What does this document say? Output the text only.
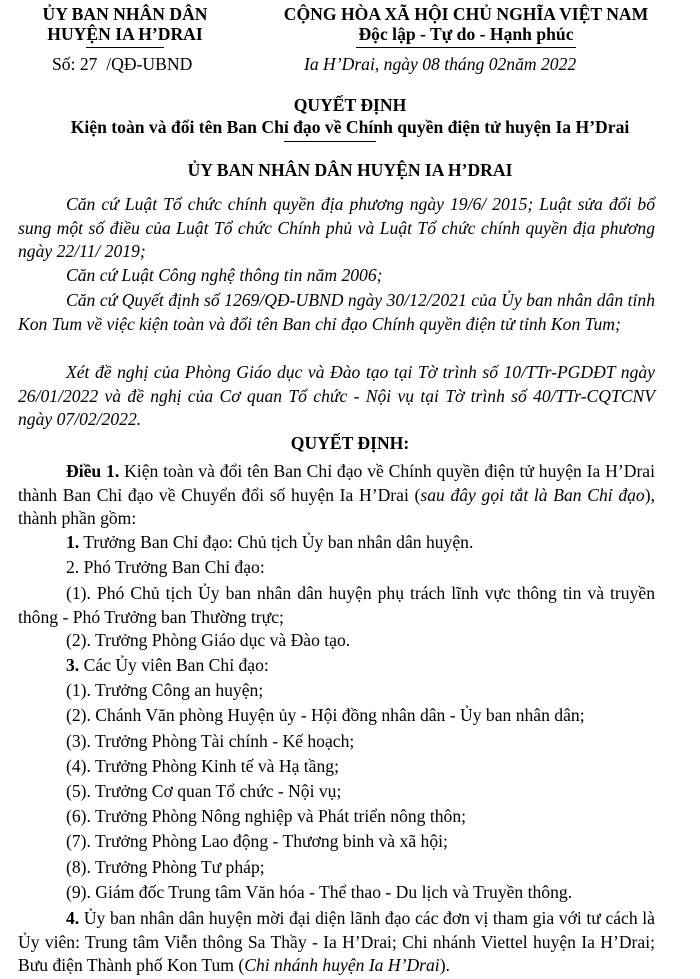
ỦY BAN NHÂN DÂN
HUYỆN IA H’DRAI
CỘNG HÒA XÃ HỘI CHỦ NGHĨA VIỆT NAM
Độc lập - Tự do - Hạnh phúc
Số: 27 /QĐ-UBND	Ia H’Drai, ngày 08 tháng 02năm 2022
QUYẾT ĐỊNH
Kiện toàn và đổi tên Ban Chỉ đạo về Chính quyền điện tử huyện Ia H’Drai
ỦY BAN NHÂN DÂN HUYỆN IA H’DRAI

Căn cứ Luật Tổ chức chính quyền địa phương ngày 19/6/ 2015; Luật sửa đổi bổ sung một số điều của Luật Tổ chức Chính phủ và Luật Tổ chức chính quyền địa phương ngày 22/11/ 2019;

Căn cứ Luật Công nghệ thông tin năm 2006;

Căn cứ Quyết định số 1269/QĐ-UBND ngày 30/12/2021 của Ủy ban nhân dân tỉnh Kon Tum về việc kiện toàn và đổi tên Ban chỉ đạo Chính quyền điện tử tỉnh Kon Tum;

Xét đề nghị của Phòng Giáo dục và Đào tạo tại Tờ trình số 10/TTr-PGDĐT ngày 26/01/2022 và đề nghị của Cơ quan Tổ chức - Nội vụ tại Tờ trình số 40/TTr-CQTCNV ngày 07/02/2022.

QUYẾT ĐỊNH:

Điều 1. Kiện toàn và đổi tên Ban Chỉ đạo về Chính quyền điện tử huyện Ia H’Drai thành Ban Chỉ đạo về Chuyển đổi số huyện Ia H’Drai (sau đây gọi tắt là Ban Chỉ đạo), thành phần gồm:

1. Trưởng Ban Chỉ đạo: Chủ tịch Ủy ban nhân dân huyện.
2. Phó Trưởng Ban Chỉ đạo:

(1). Phó Chủ tịch Ủy ban nhân dân huyện phụ trách lĩnh vực thông tin và truyền thông - Phó Trưởng ban Thường trực;

(2). Trưởng Phòng Giáo dục và Đào tạo.
3. Các Ủy viên Ban Chỉ đạo:
(1). Trưởng Công an huyện;
(2). Chánh Văn phòng Huyện ủy - Hội đồng nhân dân - Ủy ban nhân dân;
(3). Trưởng Phòng Tài chính - Kế hoạch;
(4). Trưởng Phòng Kinh tế và Hạ tầng;
(5). Trưởng Cơ quan Tổ chức - Nội vụ;
(6). Trưởng Phòng Nông nghiệp và Phát triển nông thôn;
(7). Trưởng Phòng Lao động - Thương binh và xã hội;
(8). Trưởng Phòng Tư pháp;
(9). Giám đốc Trung tâm Văn hóa - Thể thao - Du lịch và Truyền thông.

4. Ủy ban nhân dân huyện mời đại diện lãnh đạo các đơn vị tham gia với tư cách là Ủy viên: Trung tâm Viễn thông Sa Thầy - Ia H’Drai; Chi nhánh Viettel huyện Ia H’Drai; Bưu điện Thành phố Kon Tum (Chi nhánh huyện Ia H’Drai).
